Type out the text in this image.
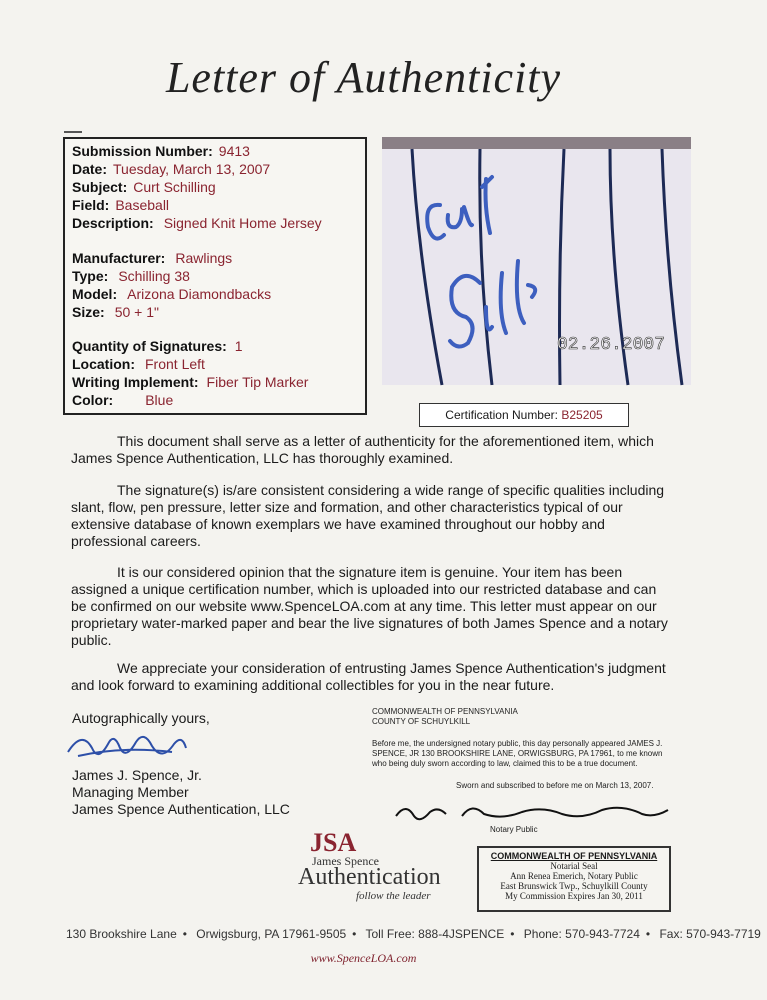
Letter of Authenticity
Submission Number: 9413
Date: Tuesday, March 13, 2007
Subject: Curt Schilling
Field: Baseball
Description: Signed Knit Home Jersey
Manufacturer: Rawlings
Type: Schilling 38
Model: Arizona Diamondbacks
Size: 50 + 1"
Quantity of Signatures: 1
Location: Front Left
Writing Implement: Fiber Tip Marker
Color: Blue
02.26.2007
Certification Number: B25205
This document shall serve as a letter of authenticity for the aforementioned item, which James Spence Authentication, LLC has thoroughly examined.
The signature(s) is/are consistent considering a wide range of specific qualities including slant, flow, pen pressure, letter size and formation, and other characteristics typical of our extensive database of known exemplars we have examined throughout our hobby and professional careers.
It is our considered opinion that the signature item is genuine. Your item has been assigned a unique certification number, which is uploaded into our restricted database and can be confirmed on our website www.SpenceLOA.com at any time. This letter must appear on our proprietary water-marked paper and bear the live signatures of both James Spence and a notary public.
We appreciate your consideration of entrusting James Spence Authentication's judgment and look forward to examining additional collectibles for you in the near future.
Autographically yours,
James J. Spence, Jr.
Managing Member
James Spence Authentication, LLC
COMMONWEALTH OF PENNSYLVANIA
COUNTY OF SCHUYLKILL
Before me, the undersigned notary public, this day personally appeared JAMES J. SPENCE, JR 130 BROOKSHIRE LANE, ORWIGSBURG, PA 17961, to me known who being duly sworn according to law, claimed this to be a true document.
Sworn and subscribed to before me on March 13, 2007.
Notary Public
COMMONWEALTH OF PENNSYLVANIA
Notarial Seal
Ann Renea Emerich, Notary Public
East Brunswick Twp., Schuylkill County
My Commission Expires Jan 30, 2011
JSA
James Spence
Authentication
follow the leader
130 Brookshire Lane • Orwigsburg, PA 17961-9505 • Toll Free: 888-4JSPENCE • Phone: 570-943-7724 • Fax: 570-943-7719
www.SpenceLOA.com
